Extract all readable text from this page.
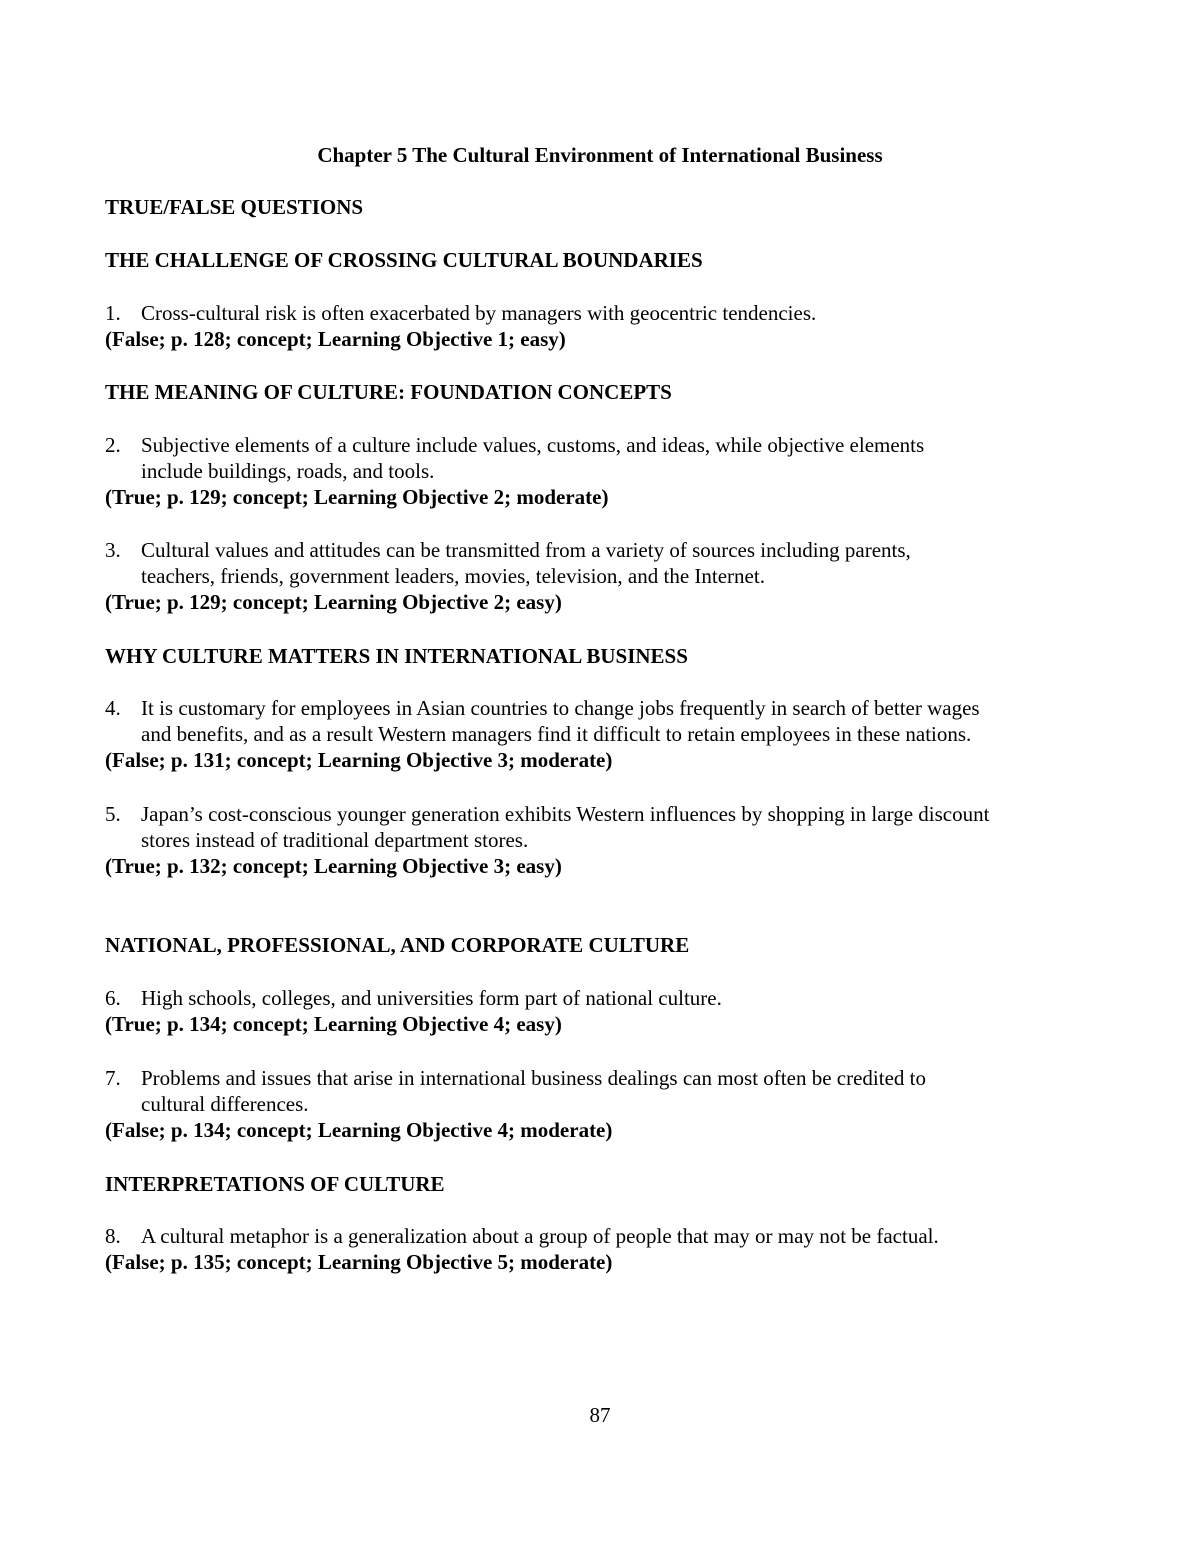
Chapter 5 The Cultural Environment of International Business
TRUE/FALSE QUESTIONS
THE CHALLENGE OF CROSSING CULTURAL BOUNDARIES
1. Cross-cultural risk is often exacerbated by managers with geocentric tendencies.
(False; p. 128; concept; Learning Objective 1; easy)
THE MEANING OF CULTURE: FOUNDATION CONCEPTS
2. Subjective elements of a culture include values, customs, and ideas, while objective elements
include buildings, roads, and tools.
(True; p. 129; concept; Learning Objective 2; moderate)
3. Cultural values and attitudes can be transmitted from a variety of sources including parents,
teachers, friends, government leaders, movies, television, and the Internet.
(True; p. 129; concept; Learning Objective 2; easy)
WHY CULTURE MATTERS IN INTERNATIONAL BUSINESS
4. It is customary for employees in Asian countries to change jobs frequently in search of better wages
and benefits, and as a result Western managers find it difficult to retain employees in these nations.
(False; p. 131; concept; Learning Objective 3; moderate)
5. Japan’s cost-conscious younger generation exhibits Western influences by shopping in large discount
stores instead of traditional department stores.
(True; p. 132; concept; Learning Objective 3; easy)
NATIONAL, PROFESSIONAL, AND CORPORATE CULTURE
6. High schools, colleges, and universities form part of national culture.
(True; p. 134; concept; Learning Objective 4; easy)
7. Problems and issues that arise in international business dealings can most often be credited to
cultural differences.
(False; p. 134; concept; Learning Objective 4; moderate)
INTERPRETATIONS OF CULTURE
8. A cultural metaphor is a generalization about a group of people that may or may not be factual.
(False; p. 135; concept; Learning Objective 5; moderate)
87
